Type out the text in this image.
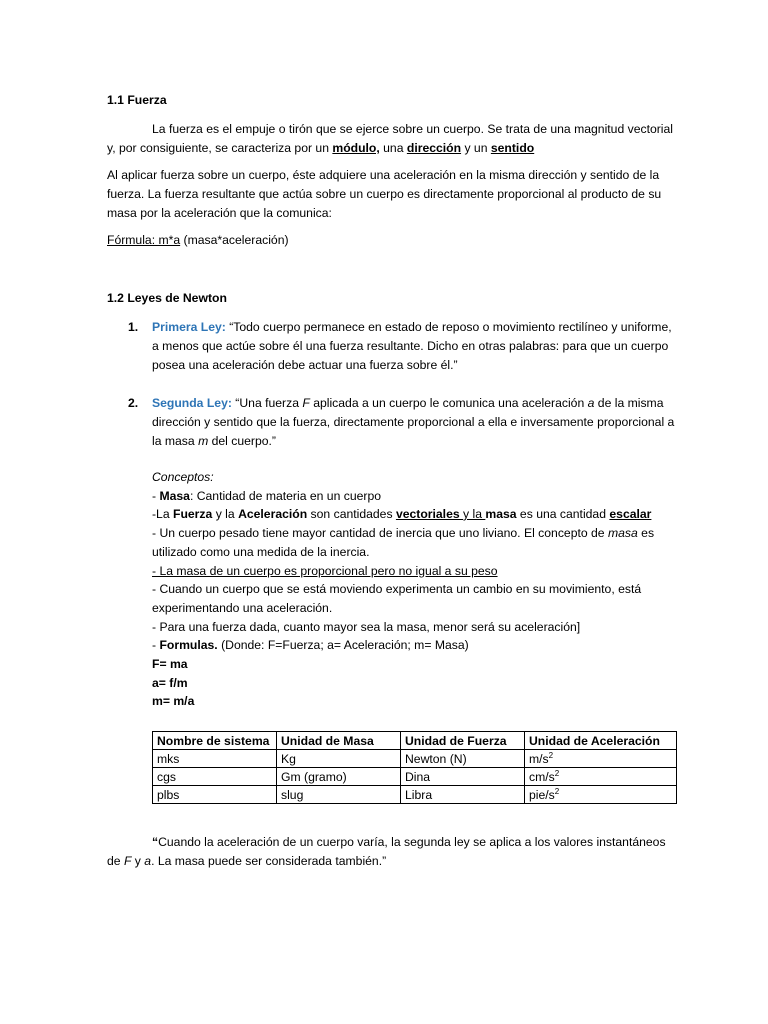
1.1 Fuerza

La fuerza es el empuje o tirón que se ejerce sobre un cuerpo. Se trata de una magnitud vectorial y, por consiguiente, se caracteriza por un módulo, una dirección y un sentido

Al aplicar fuerza sobre un cuerpo, éste adquiere una aceleración en la misma dirección y sentido de la fuerza. La fuerza resultante que actúa sobre un cuerpo es directamente proporcional al producto de su masa por la aceleración que la comunica:

Fórmula: m*a (masa*aceleración)

1.2 Leyes de Newton

1. Primera Ley: “Todo cuerpo permanece en estado de reposo o movimiento rectilíneo y uniforme, a menos que actúe sobre él una fuerza resultante. Dicho en otras palabras: para que un cuerpo posea una aceleración debe actuar una fuerza sobre él.”
2. Segunda Ley: “Una fuerza F aplicada a un cuerpo le comunica una aceleración a de la misma dirección y sentido que la fuerza, directamente proporcional a ella e inversamente proporcional a la masa m del cuerpo.”

Conceptos:

- Masa: Cantidad de materia en un cuerpo

-La Fuerza y la Aceleración son cantidades vectoriales y la masa es una cantidad escalar

- Un cuerpo pesado tiene mayor cantidad de inercia que uno liviano. El concepto de masa es utilizado como una medida de la inercia.

- La masa de un cuerpo es proporcional pero no igual a su peso

- Cuando un cuerpo que se está moviendo experimenta un cambio en su movimiento, está experimentando una aceleración.

- Para una fuerza dada, cuanto mayor sea la masa, menor será su aceleración]

- Formulas. (Donde: F=Fuerza; a= Aceleración; m= Masa)

F= ma

a= f/m

m= m/a

Nombre de sistema	Unidad de Masa	Unidad de Fuerza	Unidad de Aceleración
mks	Kg	Newton (N)	$m/s^2$
cgs	Gm (gramo)	Dina	$cm/s^2$
plbs	slug	Libra	pie/$s^2$

“Cuando la aceleración de un cuerpo varía, la segunda ley se aplica a los valores instantáneos de F y a. La masa puede ser considerada también.”
